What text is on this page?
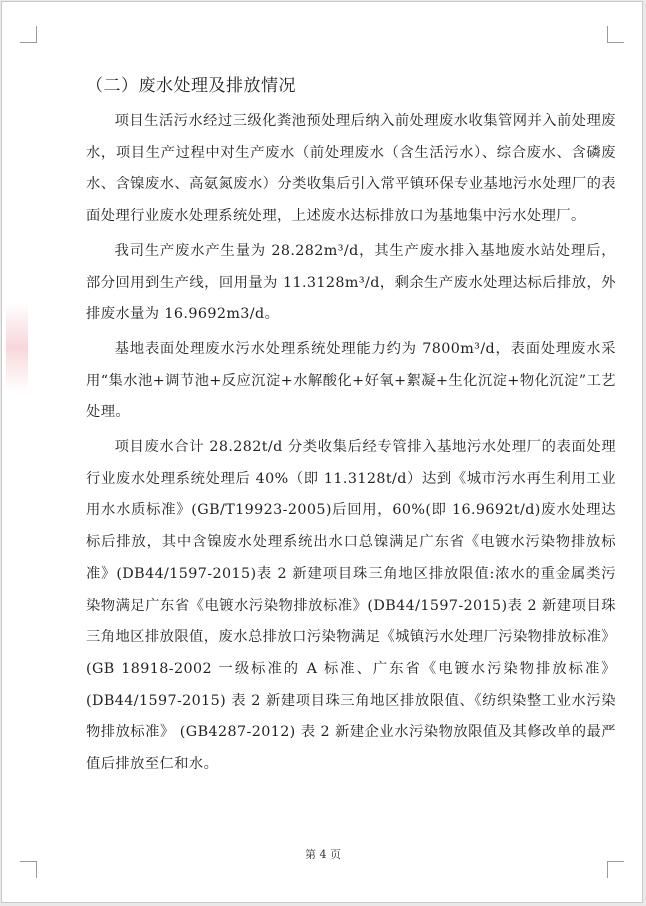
（二）废水处理及排放情况

项目生活污水经过三级化粪池预处理后纳入前处理废水收集管网并入前处理废水，项目生产过程中对生产废水（前处理废水（含生活污水）、综合废水、含磷废水、含镍废水、高氨氮废水）分类收集后引入常平镇环保专业基地污水处理厂的表面处理行业废水处理系统处理，上述废水达标排放口为基地集中污水处理厂。

我司生产废水产生量为 28.282m³/d，其生产废水排入基地废水站处理后，部分回用到生产线，回用量为 11.3128m³/d，剩余生产废水处理达标后排放，外排废水量为 16.9692m3/d。

基地表面处理废水污水处理系统处理能力约为 7800m³/d，表面处理废水采用“集水池+调节池+反应沉淀+水解酸化+好氧+絮凝+生化沉淀+物化沉淀”工艺处理。

项目废水合计 28.282t/d 分类收集后经专管排入基地污水处理厂的表面处理行业废水处理系统处理后 40%（即 11.3128t/d）达到《城市污水再生利用工业用水水质标准》(GB/T19923-2005)后回用，60%(即 16.9692t/d)废水处理达标后排放，其中含镍废水处理系统出水口总镍满足广东省《电镀水污染物排放标准》(DB44/1597-2015)表 2 新建项目珠三角地区排放限值:浓水的重金属类污染物满足广东省《电镀水污染物排放标准》(DB44/1597-2015)表 2 新建项目珠三角地区排放限值，废水总排放口污染物满足《城镇污水处理厂污染物排放标准》(GB 18918-2002 一级标准的 A 标准、广东省《电镀水污染物排放标准》(DB44/1597-2015) 表 2 新建项目珠三角地区排放限值、《纺织染整工业水污染物排放标准》 (GB4287-2012) 表 2 新建企业水污染物放限值及其修改单的最严值后排放至仁和水。

第 4 页
